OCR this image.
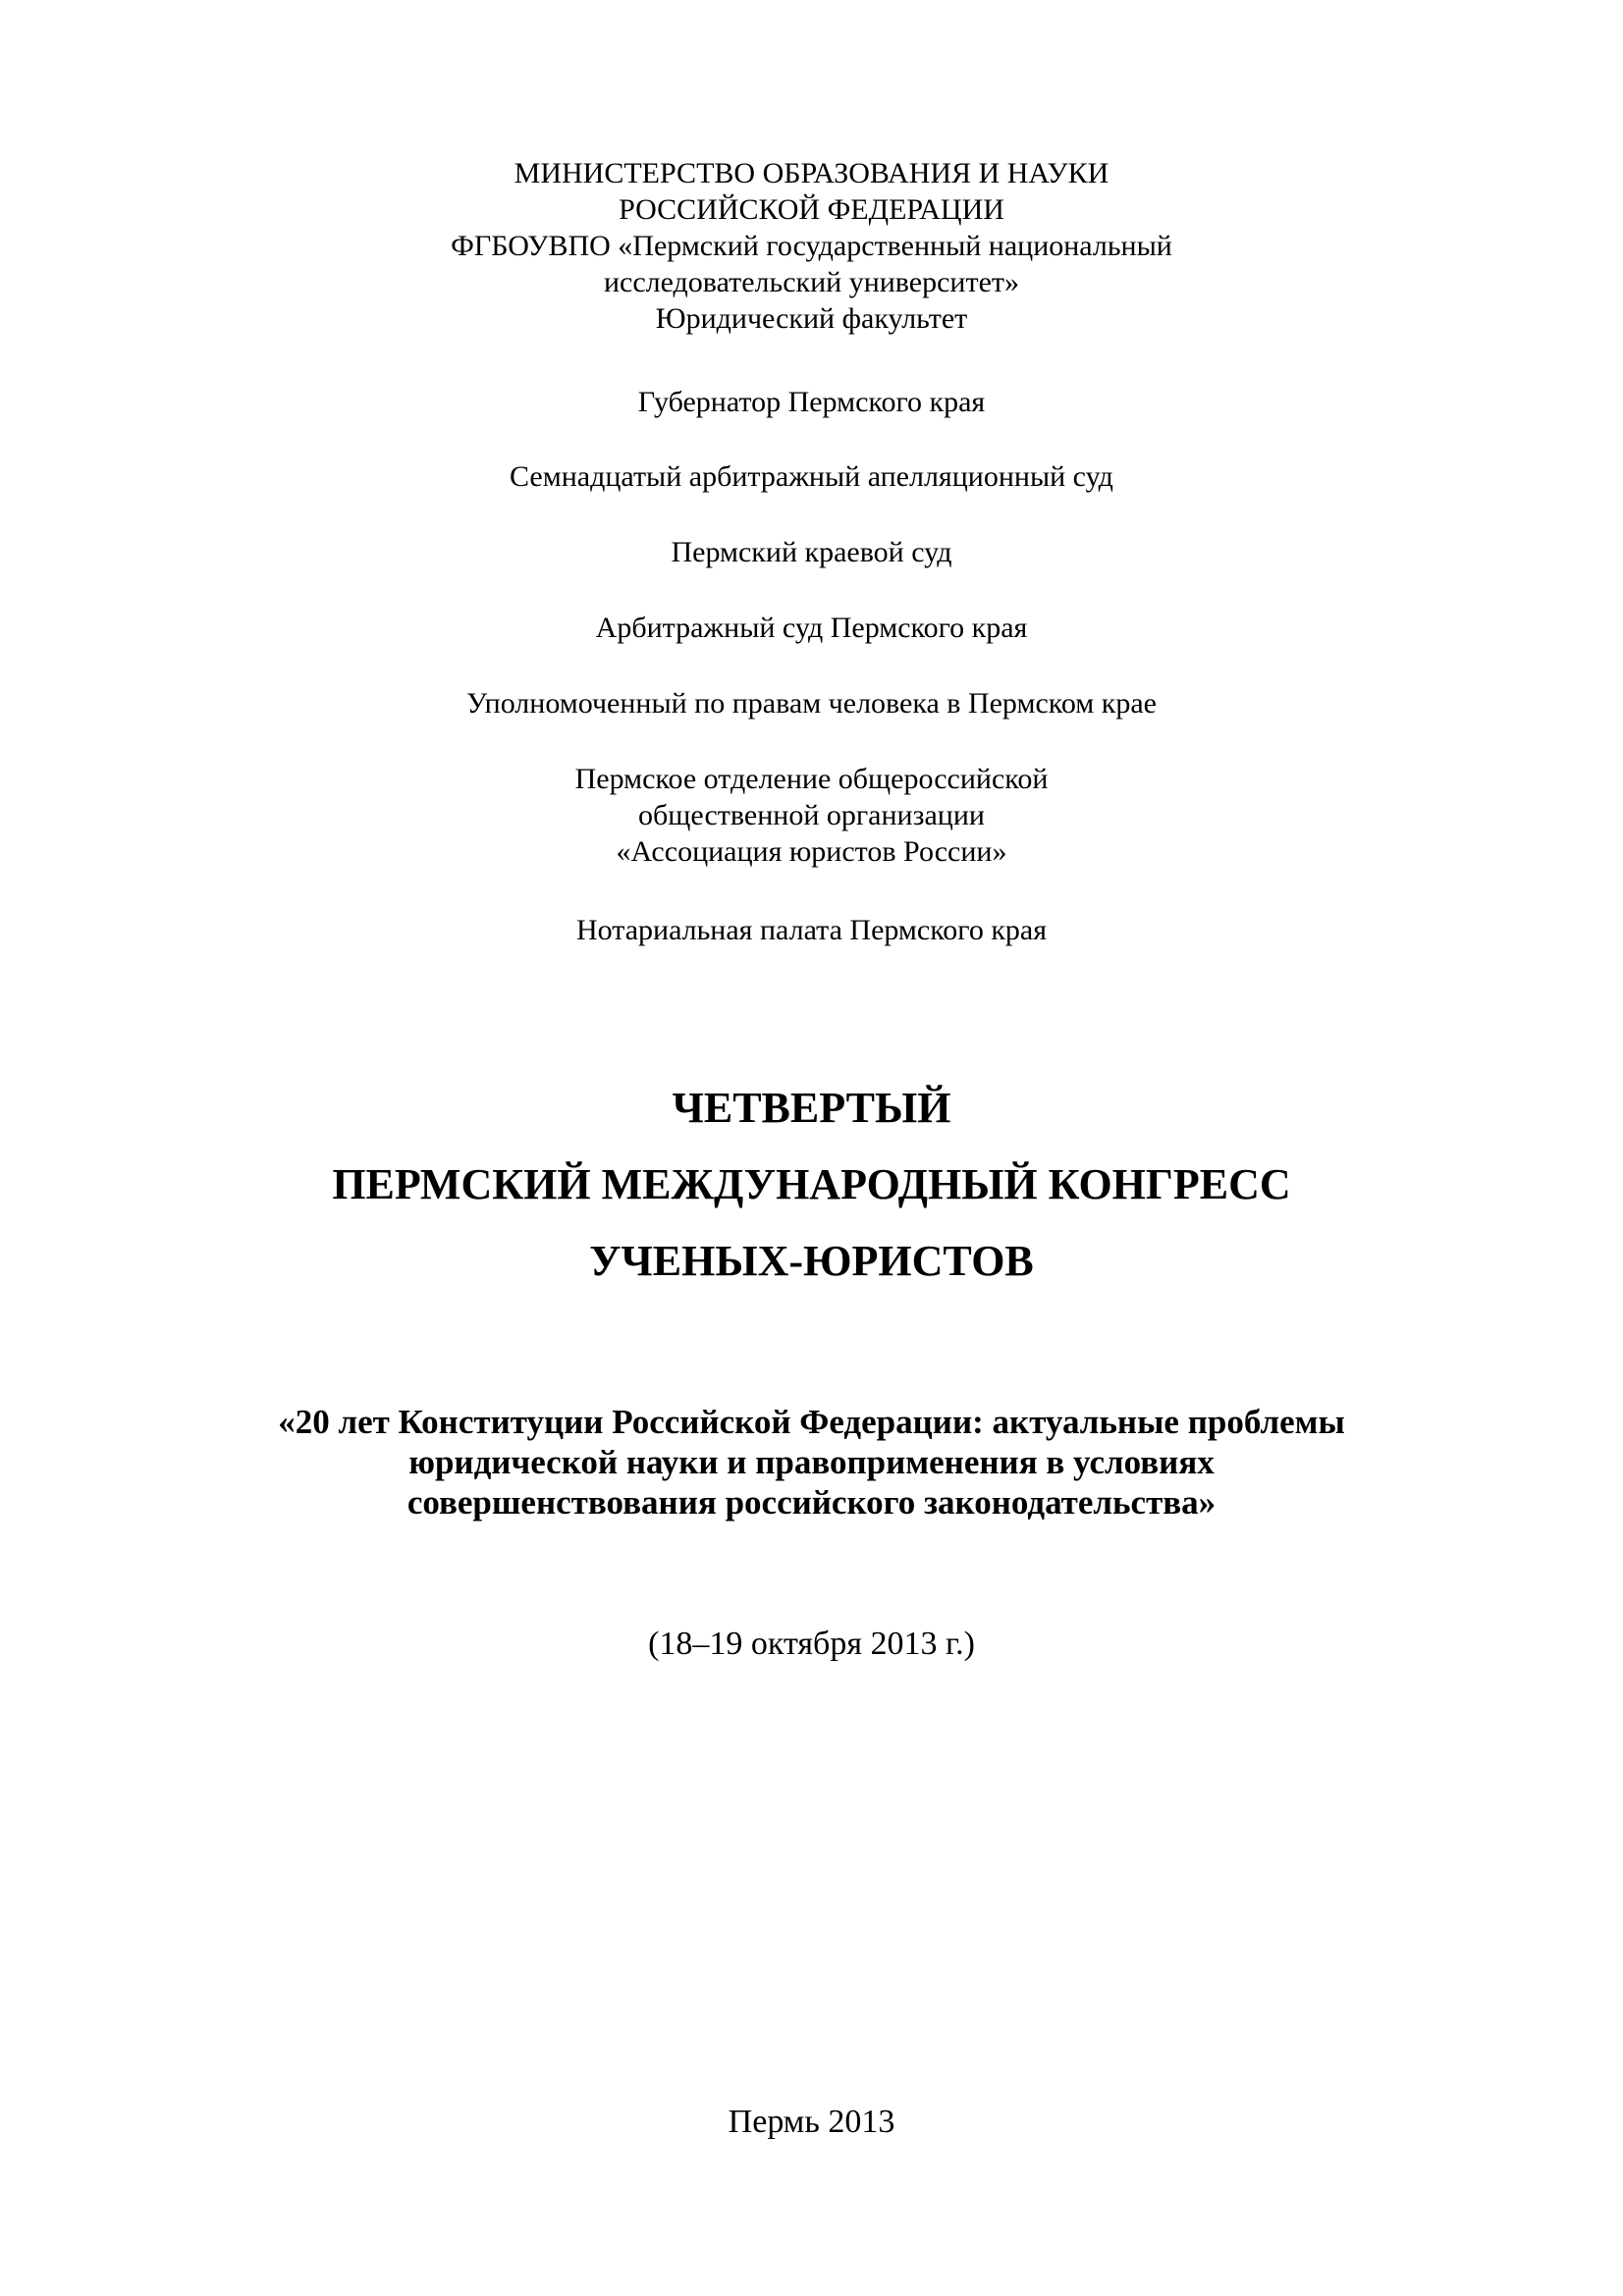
МИНИСТЕРСТВО ОБРАЗОВАНИЯ И НАУКИ
РОССИЙСКОЙ ФЕДЕРАЦИИ
ФГБОУВПО «Пермский государственный национальный
исследовательский университет»
Юридический факультет
Губернатор Пермского края
Семнадцатый арбитражный апелляционный суд
Пермский краевой суд
Арбитражный суд Пермского края
Уполномоченный по правам человека в Пермском крае
Пермское отделение общероссийской
общественной организации
«Ассоциация юристов России»
Нотариальная палата Пермского края
ЧЕТВЕРТЫЙ
ПЕРМСКИЙ МЕЖДУНАРОДНЫЙ КОНГРЕСС
УЧЕНЫХ-ЮРИСТОВ
«20 лет Конституции Российской Федерации: актуальные проблемы
юридической науки и правоприменения в условиях
совершенствования российского законодательства»
(18–19 октября 2013 г.)
Пермь 2013
